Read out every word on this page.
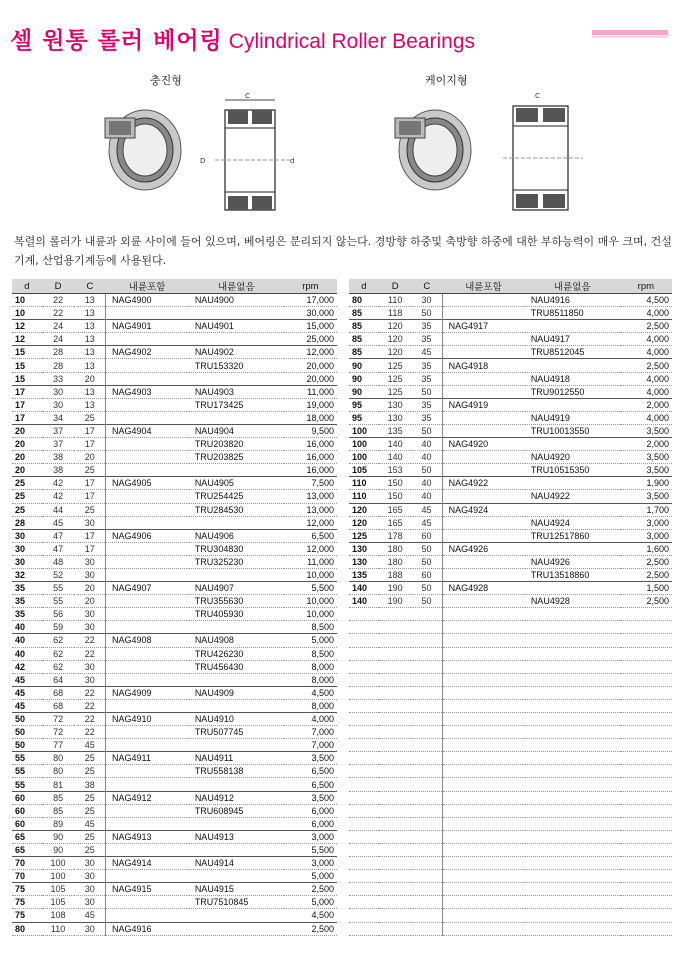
셀 원통 롤러 베어링 Cylindrical Roller Bearings
충진형	케이지형
C
D	d
C
복렬의 롤러가 내륜과 외륜 사이에 들어 있으며, 베어링은 분리되지 않는다. 경방향 하중및 축방향 하중에 대한 부하능력이 매우 크며, 건설기계, 산업용기계등에 사용된다.
d	D	C	내륜포함	내륜없음	rpm
10	22	13	NAG4900	NAU4900	17,000
10	22	13			30,000
12	24	13	NAG4901	NAU4901	15,000
12	24	13			25,000
15	28	13	NAG4902	NAU4902	12,000
15	28	13		TRU153320	20,000
15	33	20			20,000
17	30	13	NAG4903	NAU4903	11,000
17	30	13		TRU173425	19,000
17	34	25			18,000
20	37	17	NAG4904	NAU4904	9,500
20	37	17		TRU203820	16,000
20	38	20		TRU203825	16,000
20	38	25			16,000
25	42	17	NAG4905	NAU4905	7,500
25	42	17		TRU254425	13,000
25	44	25		TRU284530	13,000
28	45	30			12,000
30	47	17	NAG4906	NAU4906	6,500
30	47	17		TRU304830	12,000
30	48	30		TRU325230	11,000
32	52	30			10,000
35	55	20	NAG4907	NAU4907	5,500
35	55	20		TRU355630	10,000
35	56	30		TRU405930	10,000
40	59	30			8,500
40	62	22	NAG4908	NAU4908	5,000
40	62	22		TRU426230	8,500
42	62	30		TRU456430	8,000
45	64	30			8,000
45	68	22	NAG4909	NAU4909	4,500
45	68	22			8,000
50	72	22	NAG4910	NAU4910	4,000
50	72	22		TRU507745	7,000
50	77	45			7,000
55	80	25	NAG4911	NAU4911	3,500
55	80	25		TRU558138	6,500
55	81	38			6,500
60	85	25	NAG4912	NAU4912	3,500
60	85	25		TRU608945	6,000
60	89	45			6,000
65	90	25	NAG4913	NAU4913	3,000
65	90	25			5,500
70	100	30	NAG4914	NAU4914	3,000
70	100	30			5,000
75	105	30	NAG4915	NAU4915	2,500
75	105	30		TRU7510845	5,000
75	108	45			4,500
80	110	30	NAG4916		2,500
d	D	C	내륜포함	내륜없음	rpm
80	110	30		NAU4916	4,500
85	118	50		TRU8511850	4,000
85	120	35	NAG4917		2,500
85	120	35		NAU4917	4,000
85	120	45		TRU8512045	4,000
90	125	35	NAG4918		2,500
90	125	35		NAU4918	4,000
90	125	50		TRU9012550	4,000
95	130	35	NAG4919		2,000
95	130	35		NAU4919	4,000
100	135	50		TRU10013550	3,500
100	140	40	NAG4920		2,000
100	140	40		NAU4920	3,500
105	153	50		TRU10515350	3,500
110	150	40	NAG4922		1,900
110	150	40		NAU4922	3,500
120	165	45	NAG4924		1,700
120	165	45		NAU4924	3,000
125	178	60		TRU12517860	3,000
130	180	50	NAG4926		1,600
130	180	50		NAU4926	2,500
135	188	60		TRU13518860	2,500
140	190	50	NAG4928		1,500
140	190	50		NAU4928	2,500
